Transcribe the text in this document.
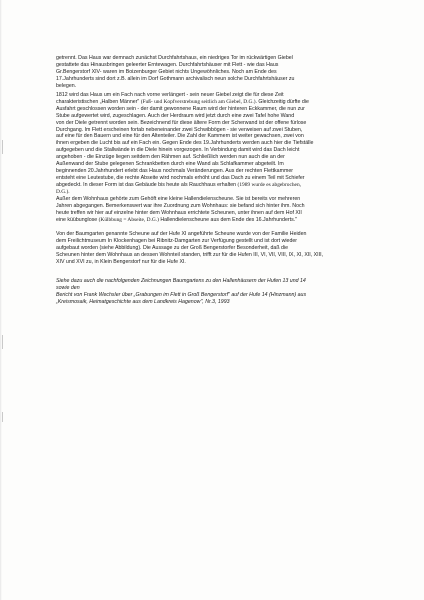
getrennt. Das Haus war demnach zunächst Durchfahrtshaus, ein niedriges Tor im rückwärtigen Giebel
gestattete das Hinausbringen geleerter Erntewagen. Durchfahrtshäuser mit Flett - wie das Haus
Gr.Bengerstorf XIV- waren im Boizenburger Gebiet nichts Ungewöhnliches. Noch am Ende des
17.Jahrhunderts sind dort z.B. allein im Dorf Gothmann archivalisch neun solche Durchfahrtshäuser zu
belegen.

1812 wird das Haus um ein Fach nach vorne verlängert - sein neuer Giebel zeigt die für diese Zeit
charakteristischen „Halben Männer" (Fuß- und Kopfverstrebung seitlich am Giebel, D.G.). Gleichzeitig dürfte die
Ausfahrt geschlossen worden sein - der damit gewonnene Raum wird der hinteren Eckkammer, die nun zur
Stube aufgewertet wird, zugeschlagen. Auch der Herdraum wird jetzt durch eine zwei Tafel hohe Wand
von der Diele getrennt worden sein. Bezeichnend für diese ältere Form der Scherwand ist der offene fürlose
Durchgang. Im Flett erscheinen fortab nebeneinander zwei Schwibbögen - sie verweisen auf zwei Stuben,
auf eine für den Bauern und eine für den Altenteiler. Die Zahl der Kammern ist weiter gewachsen, zwei von
ihnen ergeben die Lucht bis auf ein Fach ein. Gegen Ende des 19.Jahrhunderts werden auch hier die Tiefställe
aufgegeben und die Stallwände in die Diele hinein vorgezogen. In Verbindung damit wird das Dach leicht
angehoben - die Einzüge liegen seitdem den Rähmen auf. Schließlich werden nun auch die an der
Außenwand der Stube gelegenen Schrankbetten durch eine Wand als Schlafkammer abgeteilt. Im
beginnenden 20.Jahrhundert erlebt das Haus nochmals Veränderungen. Aus der rechten Flettkammer
entsteht eine Leutestube, die rechte Abseite wird nochmals erhöht und das Dach zu einem Teil mit Schiefer
abgedeckt. In dieser Form ist das Gebäude bis heute als Rauchhaus erhalten (1989 wurde es abgebrochen,
D.G.).

Außer dem Wohnhaus gehörte zum Gehöft eine kleine Hallendielenscheune. Sie ist bereits vor mehreren
Jahren abgegangen. Bemerkenswert war ihre Zuordnung zum Wohnhaus: sie befand sich hinter ihm. Noch
heute treffen wir hier auf einzelne hinter dem Wohnhaus errichtete Scheunen, unter ihnen auf dem Hof XII
eine küübunglose (Külbbung = Abseite, D.G.) Hallendielenscheune aus dem Ende des 16.Jahrhunderts."

Von der Baumgarten genannte Scheune auf der Hufe XI angeführte Scheune wurde von der Familie Heiden
dem Freilichtmuseum In Klockenhagen bei Ribnitz-Damgarten zur Verfügung gestellt und ist dort wieder
aufgebaut worden (siehe Abbildung). Die Aussage zu der Groß Bengerstorfer Besonderheit, daß die
Scheunen hinter dem Wohnhaus an dessen Wohnteil standen, trifft zur für die Hufen III, VI, VII, VIII, IX, XI, XII, XIII,
XIV und XVI zu, in Klein Bengerstorf nur für die Hufe XI.

Siehe dazu auch die nachfolgenden Zeichnungen Baumgartens zu den Hallenhäusern der Hufen 13 und 14
sowie den
Bericht von Frank Wechsler über „Grabungen im Flett in Groß Bengerstorf" auf der Hufe 14 (Hinzmann) aus
„Kreismosaik, Heimatgeschichte aus dem Landkreis Hagenow", Nr.3, 1993
